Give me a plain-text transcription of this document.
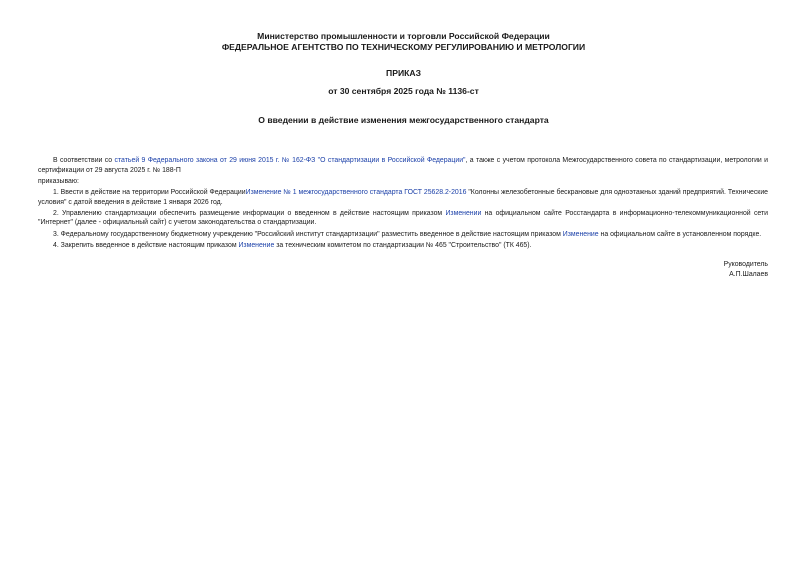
Министерство промышленности и торговли Российской Федерации
ФЕДЕРАЛЬНОЕ АГЕНТСТВО ПО ТЕХНИЧЕСКОМУ РЕГУЛИРОВАНИЮ И МЕТРОЛОГИИ
ПРИКАЗ
от 30 сентября 2025 года № 1136-ст
О введении в действие изменения межгосударственного стандарта

В соответствии со статьей 9 Федерального закона от 29 июня 2015 г. № 162-ФЗ "О стандартизации в Российской Федерации", а также с учетом протокола Межгосударственного совета по стандартизации, метрологии и сертификации от 29 августа 2025 г. № 188-П

приказываю:

1. Ввести в действие на территории Российской ФедерацииИзменение № 1 межгосударственного стандарта ГОСТ 25628.2-2016 "Колонны железобетонные бескрановые для одноэтажных зданий предприятий. Технические условия" с датой введения в действие 1 января 2026 год.

2. Управлению стандартизации обеспечить размещение информации о введенном в действие настоящим приказом Изменении на официальном сайте Росстандарта в информационно-телекоммуникационной сети "Интернет" (далее - официальный сайт) с учетом законодательства о стандартизации.

3. Федеральному государственному бюджетному учреждению "Российский институт стандартизации" разместить введенное в действие настоящим приказом Изменение на официальном сайте в установленном порядке.

4. Закрепить введенное в действие настоящим приказом Изменение за техническим комитетом по стандартизации № 465 "Строительство" (ТК 465).

Руководитель
А.П.Шалаев
